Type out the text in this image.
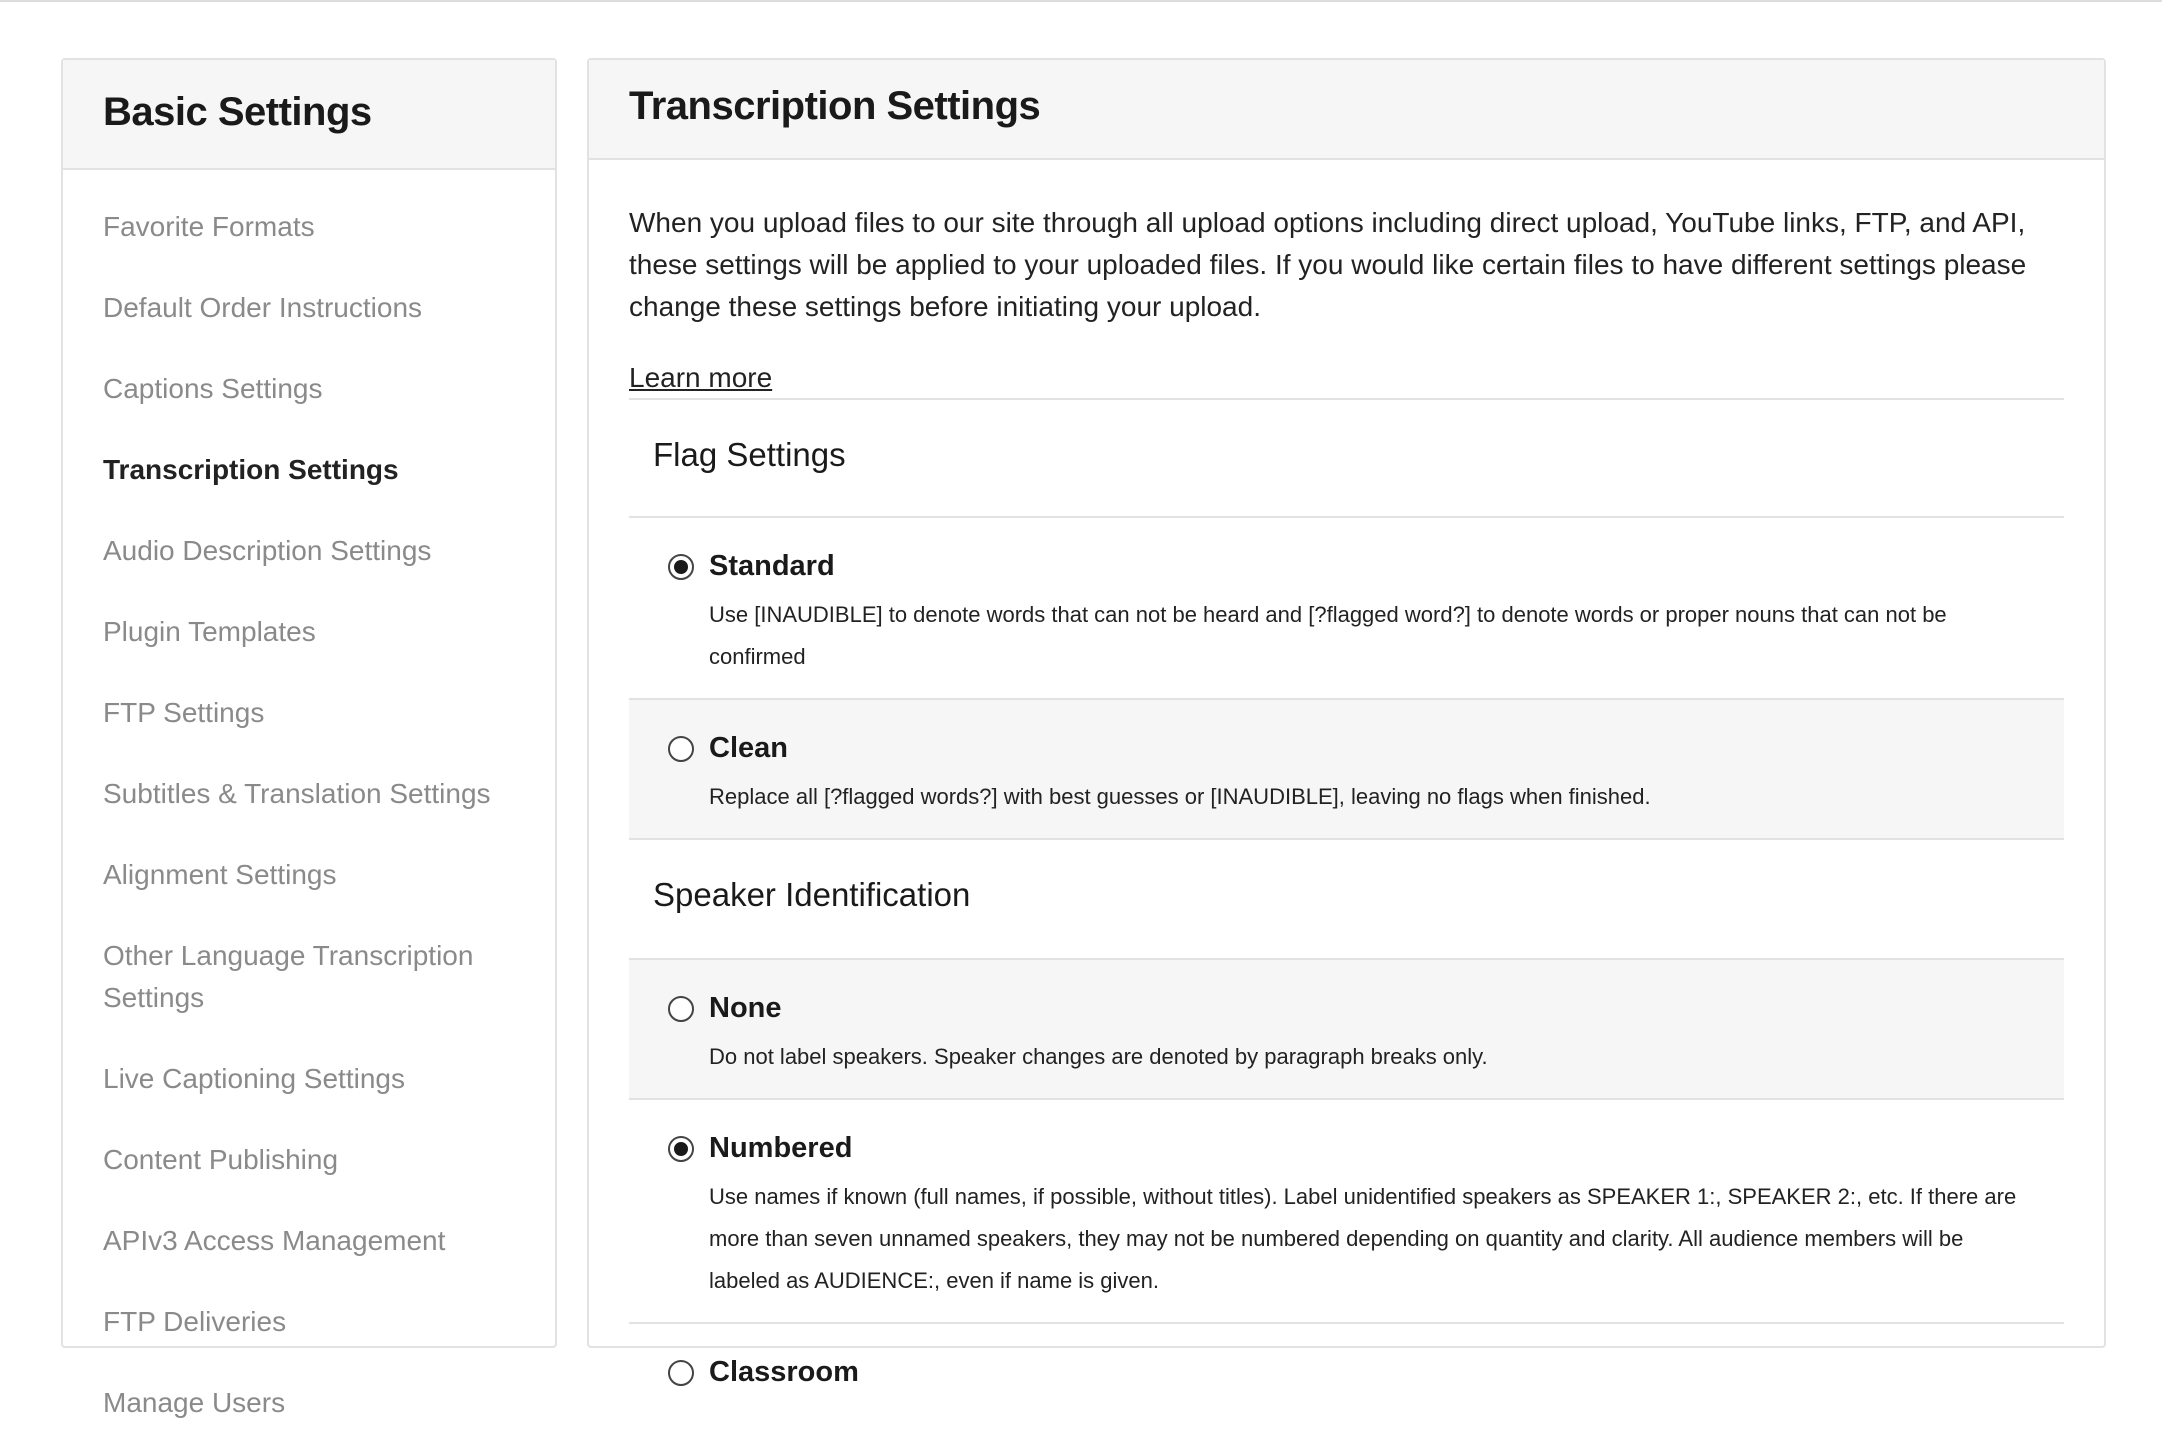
Basic Settings
Favorite Formats
Default Order Instructions
Captions Settings
Transcription Settings
Audio Description Settings
Plugin Templates
FTP Settings
Subtitles & Translation Settings
Alignment Settings
Other Language Transcription Settings
Live Captioning Settings
Content Publishing
APIv3 Access Management
FTP Deliveries
Manage Users
Transcription Settings

When you upload files to our site through all upload options including direct upload, YouTube links, FTP, and API, these settings will be applied to your uploaded files. If you would like certain files to have different settings please change these settings before initiating your upload.

Learn more
Flag Settings
Standard
Use [INAUDIBLE] to denote words that can not be heard and [?flagged word?] to denote words or proper nouns that can not be confirmed
Clean
Replace all [?flagged words?] with best guesses or [INAUDIBLE], leaving no flags when finished.
Speaker Identification
None
Do not label speakers. Speaker changes are denoted by paragraph breaks only.
Numbered
Use names if known (full names, if possible, without titles). Label unidentified speakers as SPEAKER 1:, SPEAKER 2:, etc. If there are more than seven unnamed speakers, they may not be numbered depending on quantity and clarity. All audience members will be labeled as AUDIENCE:, even if name is given.
Classroom
